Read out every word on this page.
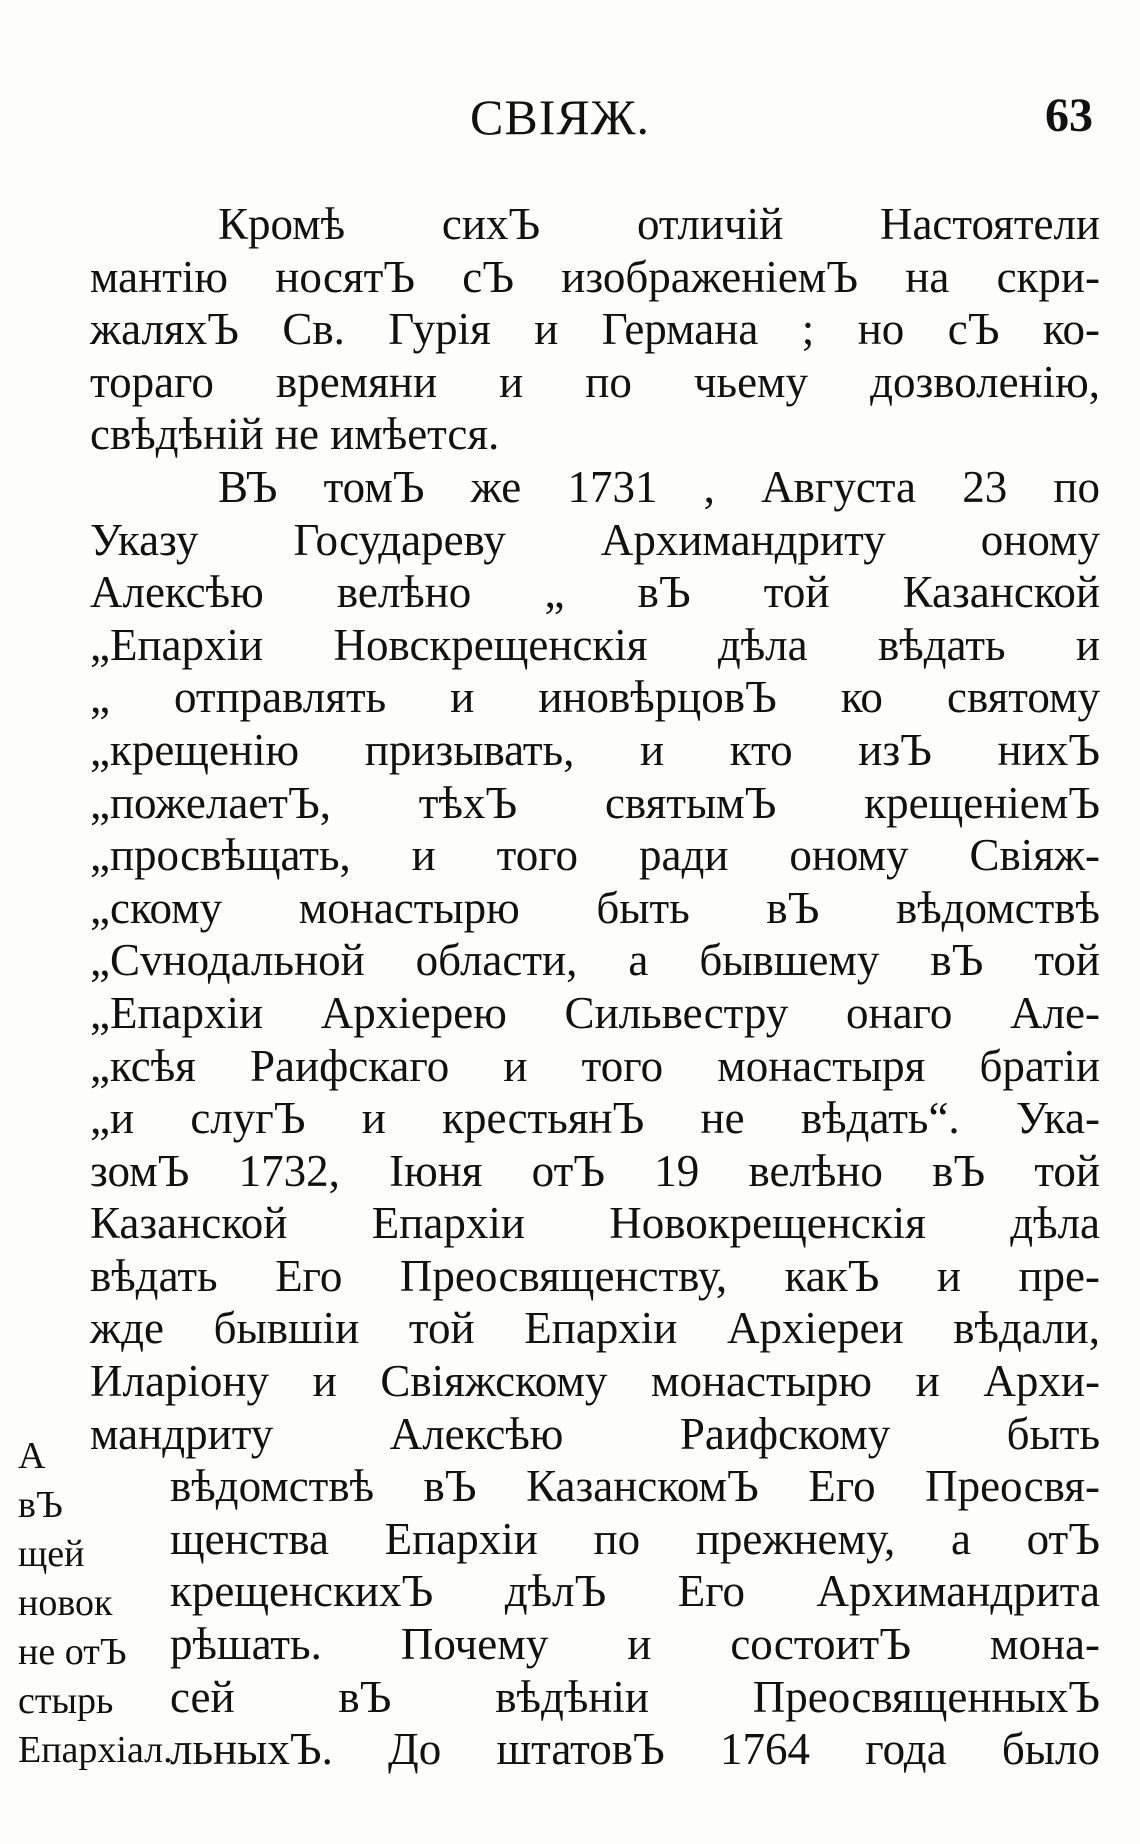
СВІЯЖ.	63
Кромѣ сихЪ отличій Настоятели
мантію носятЪ сЪ изображеніемЪ на скри-
жаляхЪ Св. Гурія и Германа ; но сЪ ко-
тораго времяни и по чьему дозволенію,
свѣдѣній не имѣется.
ВЪ томЪ же 1731 , Августа 23 по
Указу Государеву Архимандриту оному
Алексѣю велѣно „ вЪ той Казанской
„Епархіи Новскрещенскія дѣла вѣдать и
„ отправлять и иновѣрцовЪ ко святому
„крещенію призывать, и кто изЪ нихЪ
„пожелаетЪ, тѣхЪ святымЪ крещеніемЪ
„просвѣщать, и того ради оному Свіяж-
„скому монастырю быть вЪ вѣдомствѣ
„Сvнодальной области, а бывшему вЪ той
„Епархіи Архіерею Сильвестру онаго Але-
„ксѣя Раифскаго и того монастыря братіи
„и слугЪ и крестьянЪ не вѣдать“. Ука-
зомЪ 1732, Іюня отЪ 19 велѣно вЪ той
Казанской Епархіи Новокрещенскія дѣла
вѣдать Его Преосвященству, какЪ и пре-
жде бывшіи той Епархіи Архіереи вѣдали,
Иларіону и Свіяжскому монастырю и Архи-
мандриту Алексѣю Раифскому быть
вѣдомствѣ вЪ КазанскомЪ Его Преосвя-
щенства Епархіи по прежнему, а отЪ
крещенскихЪ дѣлЪ Его Архимандрита
рѣшать. Почему и состоитЪ мона-
сей вЪ вѣдѣніи ПреосвященныхЪ
льныхЪ. До штатовЪ 1764 года было
А
вЪ
щей
новок
не отЪ
стырь
Епархіал.
